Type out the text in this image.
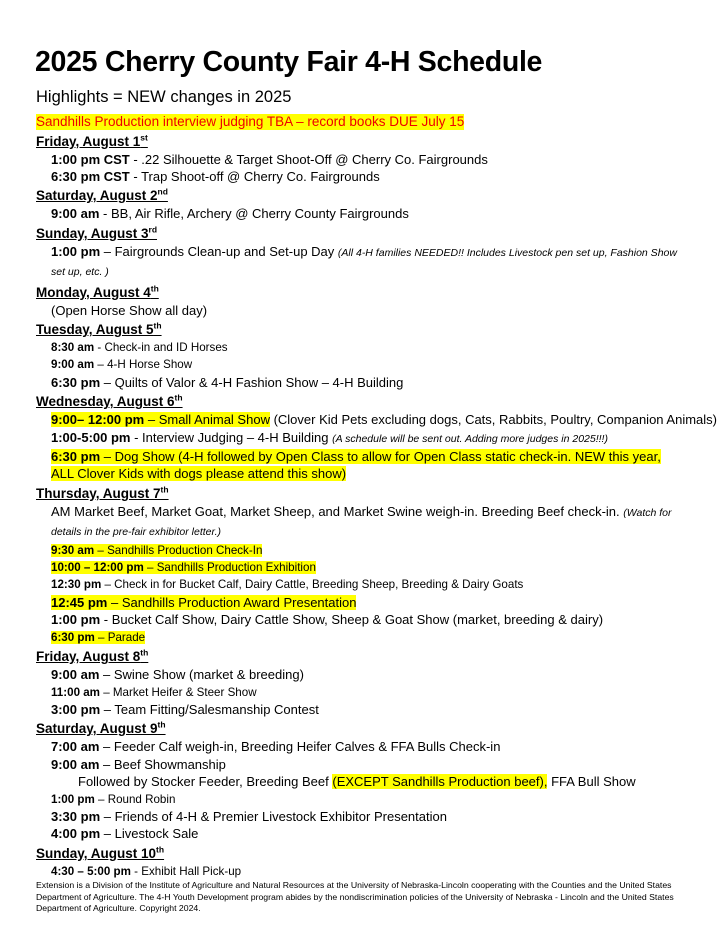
2025 Cherry County Fair 4-H Schedule
Highlights = NEW changes in 2025
Sandhills Production interview judging TBA – record books DUE July 15
Friday, August 1st
1:00 pm CST - .22 Silhouette & Target Shoot-Off @ Cherry Co. Fairgrounds
6:30 pm CST - Trap Shoot-off @ Cherry Co. Fairgrounds
Saturday, August 2nd
9:00 am - BB, Air Rifle, Archery @ Cherry County Fairgrounds
Sunday, August 3rd
1:00 pm – Fairgrounds Clean-up and Set-up Day (All 4-H families NEEDED!! Includes Livestock pen set up, Fashion Show set up, etc. )
Monday, August 4th
(Open Horse Show all day)
Tuesday, August 5th
8:30 am - Check-in and ID Horses
9:00 am – 4-H Horse Show
6:30 pm – Quilts of Valor & 4-H Fashion Show – 4-H Building
Wednesday, August 6th
9:00– 12:00 pm – Small Animal Show (Clover Kid Pets excluding dogs, Cats, Rabbits, Poultry, Companion Animals)
1:00-5:00 pm - Interview Judging – 4-H Building (A schedule will be sent out. Adding more judges in 2025!!!)
6:30 pm – Dog Show (4-H followed by Open Class to allow for Open Class static check-in. NEW this year, ALL Clover Kids with dogs please attend this show)
Thursday, August 7th
AM Market Beef, Market Goat, Market Sheep, and Market Swine weigh-in. Breeding Beef check-in. (Watch for details in the pre-fair exhibitor letter.)
9:30 am – Sandhills Production Check-In
10:00 – 12:00 pm – Sandhills Production Exhibition
12:30 pm – Check in for Bucket Calf, Dairy Cattle, Breeding Sheep, Breeding & Dairy Goats
12:45 pm – Sandhills Production Award Presentation
1:00 pm - Bucket Calf Show, Dairy Cattle Show, Sheep & Goat Show (market, breeding & dairy)
6:30 pm – Parade
Friday, August 8th
9:00 am – Swine Show (market & breeding)
11:00 am – Market Heifer & Steer Show
3:00 pm – Team Fitting/Salesmanship Contest
Saturday, August 9th
7:00 am – Feeder Calf weigh-in, Breeding Heifer Calves & FFA Bulls Check-in
9:00 am – Beef Showmanship
Followed by Stocker Feeder, Breeding Beef (EXCEPT Sandhills Production beef), FFA Bull Show
1:00 pm – Round Robin
3:30 pm – Friends of 4-H & Premier Livestock Exhibitor Presentation
4:00 pm – Livestock Sale
Sunday, August 10th
4:30 – 5:00 pm - Exhibit Hall Pick-up

Extension is a Division of the Institute of Agriculture and Natural Resources at the University of Nebraska-Lincoln cooperating with the Counties and the United States Department of Agriculture. The 4-H Youth Development program abides by the nondiscrimination policies of the University of Nebraska - Lincoln and the United States Department of Agriculture. Copyright 2024.
